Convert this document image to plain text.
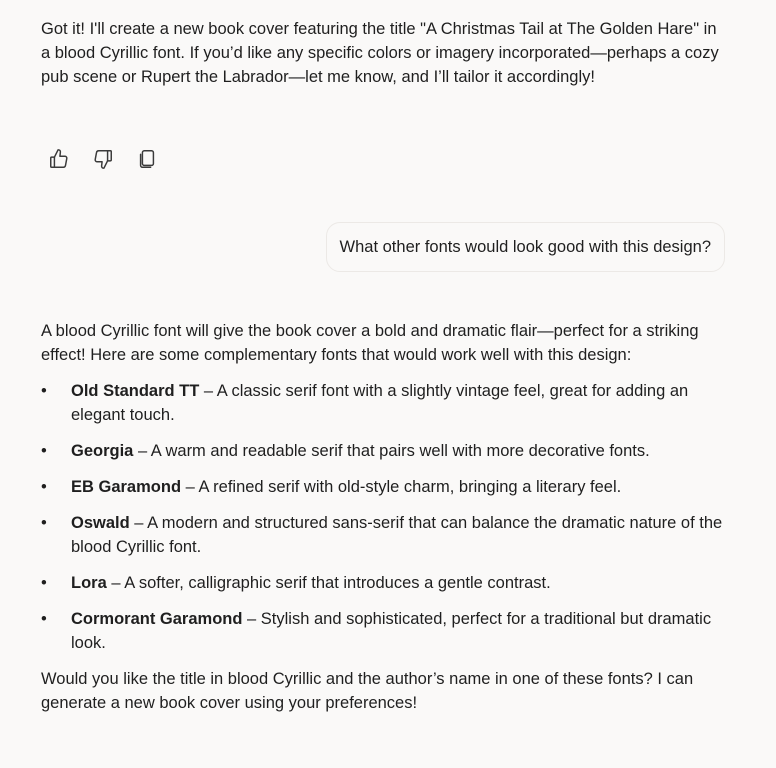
Got it! I'll create a new book cover featuring the title "A Christmas Tail at The Golden Hare" in a blood Cyrillic font. If you’d like any specific colors or imagery incorporated—perhaps a cozy pub scene or Rupert the Labrador—let me know, and I’ll tailor it accordingly!
What other fonts would look good with this design?

A blood Cyrillic font will give the book cover a bold and dramatic flair—perfect for a striking effect! Here are some complementary fonts that would work well with this design:

• Old Standard TT – A classic serif font with a slightly vintage feel, great for adding an elegant touch.
• Georgia – A warm and readable serif that pairs well with more decorative fonts.
• EB Garamond – A refined serif with old-style charm, bringing a literary feel.
• Oswald – A modern and structured sans-serif that can balance the dramatic nature of the blood Cyrillic font.
• Lora – A softer, calligraphic serif that introduces a gentle contrast.
• Cormorant Garamond – Stylish and sophisticated, perfect for a traditional but dramatic look.

Would you like the title in blood Cyrillic and the author’s name in one of these fonts? I can generate a new book cover using your preferences!
